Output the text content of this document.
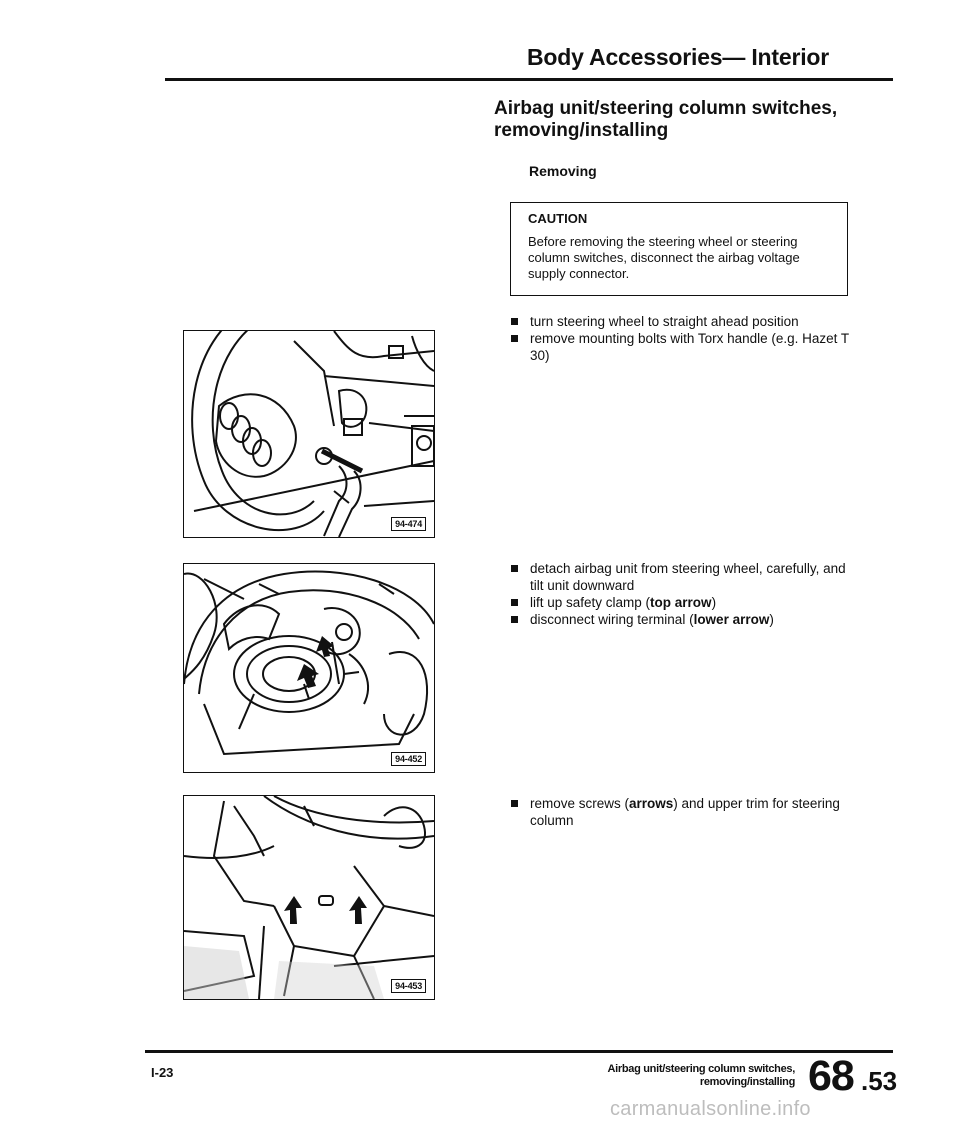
Body Accessories— Interior
Airbag unit/steering column switches, removing/installing
Removing
CAUTION
Before removing the steering wheel or steering column switches, disconnect the airbag voltage supply connector.
turn steering wheel to straight ahead position
remove mounting bolts with Torx handle (e.g. Hazet T 30)
detach airbag unit from steering wheel, carefully, and tilt unit downward
lift up safety clamp (top arrow)
disconnect wiring terminal (lower arrow)
remove screws (arrows) and upper trim for steering column
94-474
94-452
94-453
I-23	Airbag unit/steering column switches,
removing/installing 68 .53
carmanualsonline.info
